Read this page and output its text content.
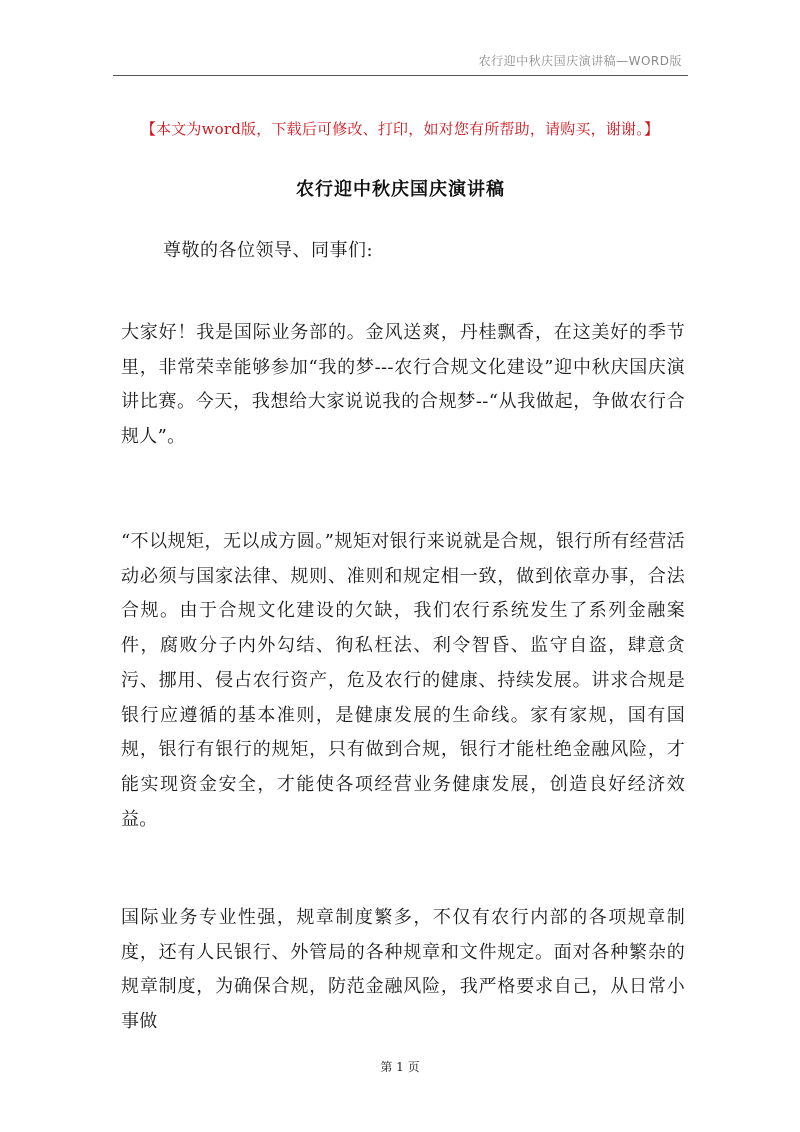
农行迎中秋庆国庆演讲稿—WORD版
【本文为word版，下载后可修改、打印，如对您有所帮助，请购买，谢谢。】
农行迎中秋庆国庆演讲稿
尊敬的各位领导、同事们:
大家好！我是国际业务部的。金风送爽，丹桂飘香，在这美好的季节里，非常荣幸能够参加“我的梦---农行合规文化建设”迎中秋庆国庆演讲比赛。今天，我想给大家说说我的合规梦--“从我做起，争做农行合规人”。
“不以规矩，无以成方圆。”规矩对银行来说就是合规，银行所有经营活动必须与国家法律、规则、准则和规定相一致，做到依章办事，合法合规。由于合规文化建设的欠缺，我们农行系统发生了系列金融案件，腐败分子内外勾结、徇私枉法、利令智昏、监守自盗，肆意贪污、挪用、侵占农行资产，危及农行的健康、持续发展。讲求合规是银行应遵循的基本准则，是健康发展的生命线。家有家规，国有国规，银行有银行的规矩，只有做到合规，银行才能杜绝金融风险，才能实现资金安全，才能使各项经营业务健康发展，创造良好经济效益。
国际业务专业性强，规章制度繁多，不仅有农行内部的各项规章制度，还有人民银行、外管局的各种规章和文件规定。面对各种繁杂的规章制度，为确保合规，防范金融风险，我严格要求自己，从日常小事做
第 1 页
